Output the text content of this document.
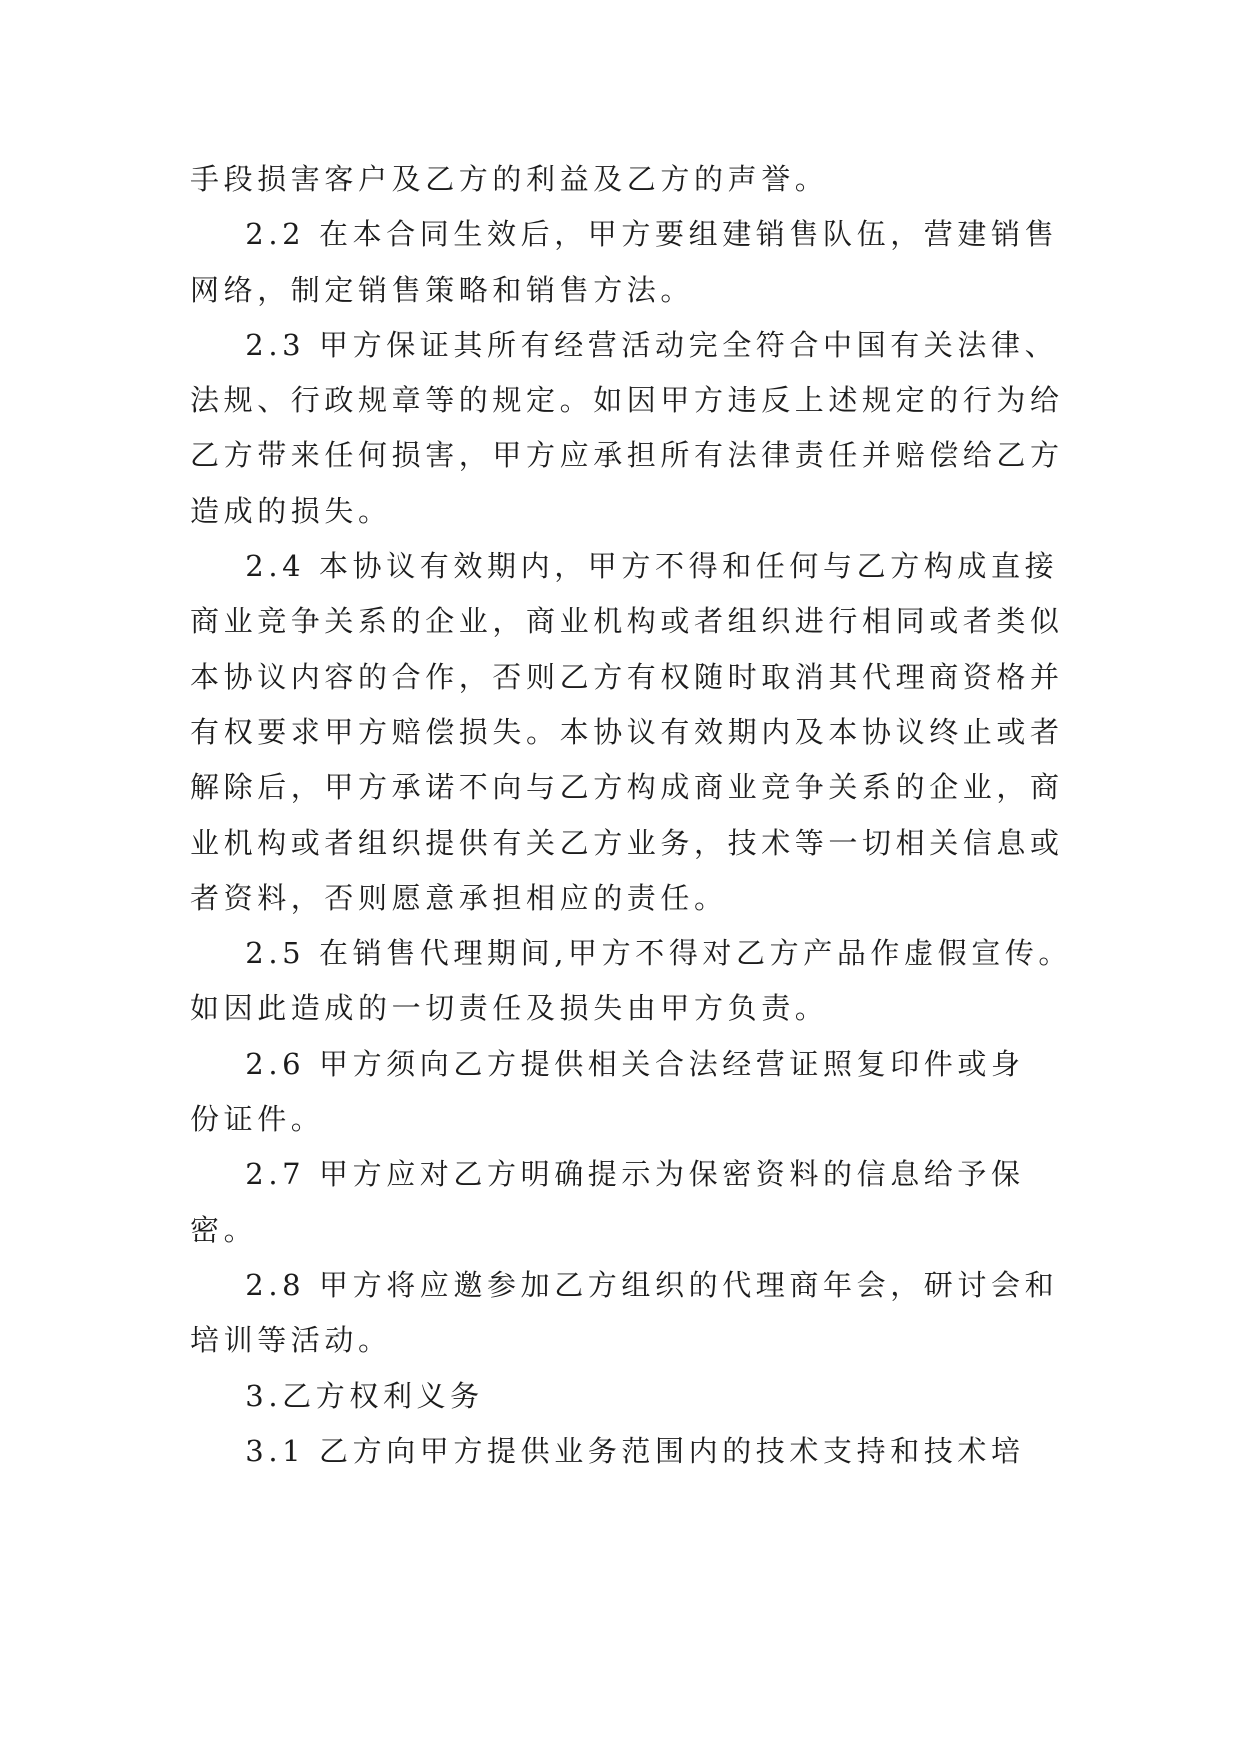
手段损害客户及乙方的利益及乙方的声誉。
2.2 在本合同生效后，甲方要组建销售队伍，营建销售
网络，制定销售策略和销售方法。
2.3 甲方保证其所有经营活动完全符合中国有关法律、
法规、行政规章等的规定。如因甲方违反上述规定的行为给
乙方带来任何损害，甲方应承担所有法律责任并赔偿给乙方
造成的损失。
2.4 本协议有效期内，甲方不得和任何与乙方构成直接
商业竞争关系的企业，商业机构或者组织进行相同或者类似
本协议内容的合作，否则乙方有权随时取消其代理商资格并
有权要求甲方赔偿损失。本协议有效期内及本协议终止或者
解除后，甲方承诺不向与乙方构成商业竞争关系的企业，商
业机构或者组织提供有关乙方业务，技术等一切相关信息或
者资料，否则愿意承担相应的责任。
2.5 在销售代理期间,甲方不得对乙方产品作虚假宣传。
如因此造成的一切责任及损失由甲方负责。
2.6 甲方须向乙方提供相关合法经营证照复印件或身
份证件。
2.7 甲方应对乙方明确提示为保密资料的信息给予保
密。
2.8 甲方将应邀参加乙方组织的代理商年会，研讨会和
培训等活动。
3.乙方权利义务
3.1 乙方向甲方提供业务范围内的技术支持和技术培
